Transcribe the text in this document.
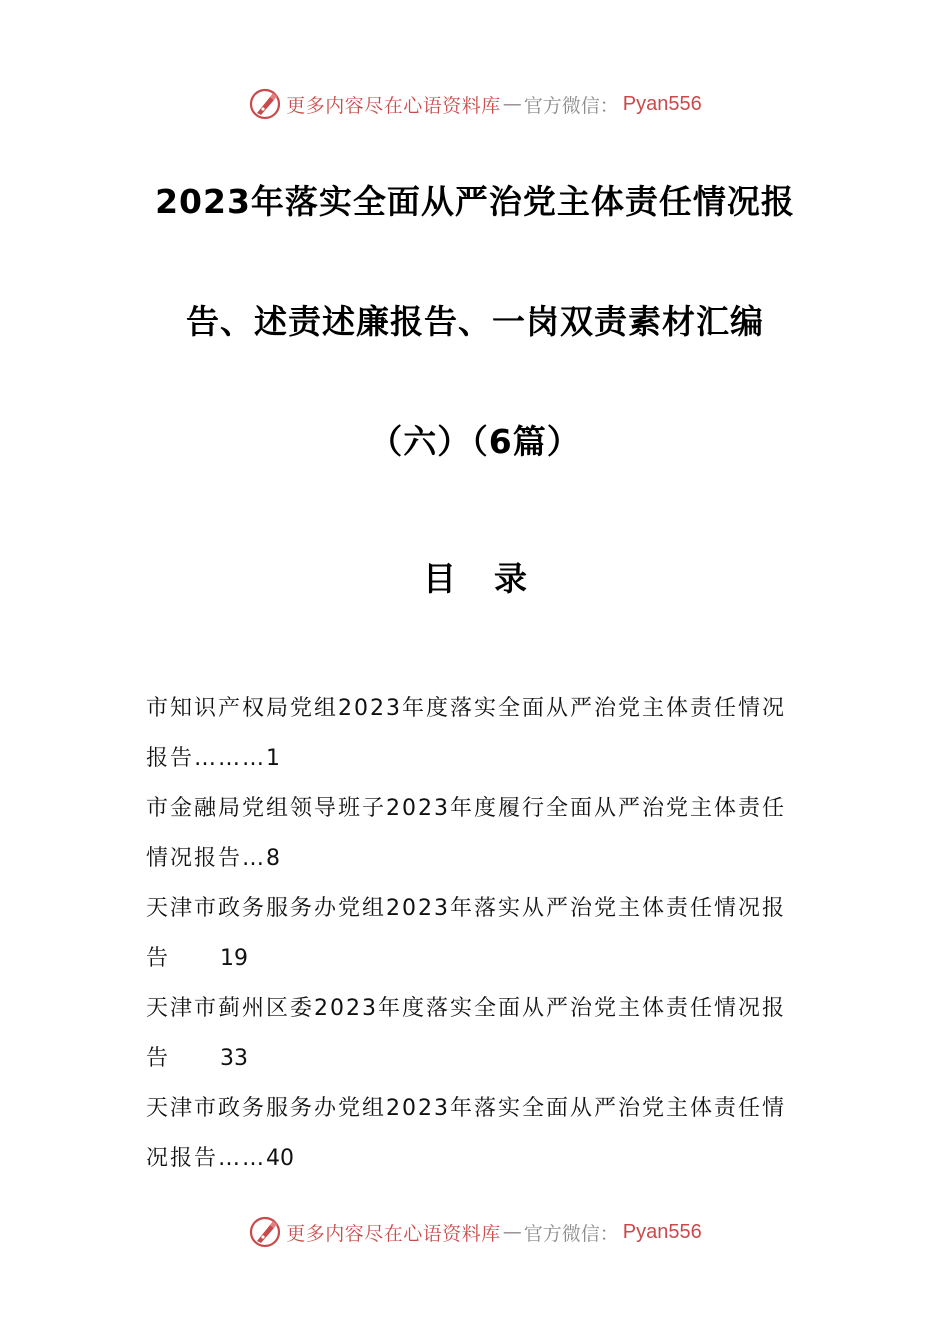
更多内容尽在心语资料库 — 官方微信： Pyan556
2023年落实全面从严治党主体责任情况报
告、述责述廉报告、一岗双责素材汇编
（六）（6篇）
目录
市知识产权局党组2023年度落实全面从严治党主体责任情况报告………1
市金融局党组领导班子2023年度履行全面从严治党主体责任情况报告…8
天津市政务服务办党组2023年落实从严治党主体责任情况报告 19
天津市蓟州区委2023年度落实全面从严治党主体责任情况报告 33
天津市政务服务办党组2023年落实全面从严治党主体责任情况报告……40
更多内容尽在心语资料库 — 官方微信： Pyan556
